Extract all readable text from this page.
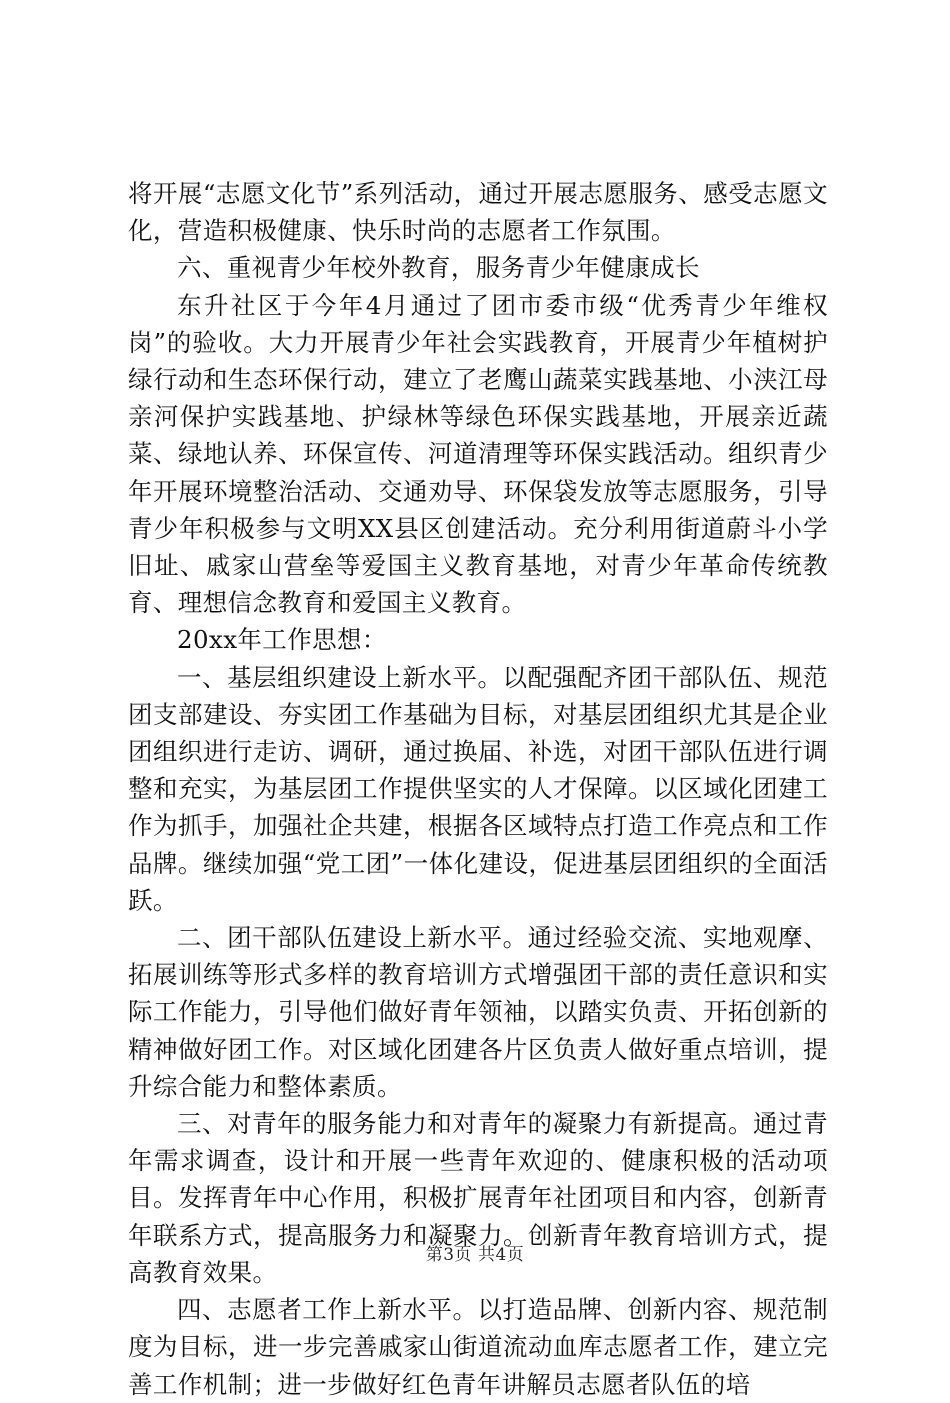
将开展“志愿文化节”系列活动，通过开展志愿服务、感受志愿文化，营造积极健康、快乐时尚的志愿者工作氛围。

六、重视青少年校外教育，服务青少年健康成长

东升社区于今年4月通过了团市委市级“优秀青少年维权岗”的验收。大力开展青少年社会实践教育，开展青少年植树护绿行动和生态环保行动，建立了老鹰山蔬菜实践基地、小浃江母亲河保护实践基地、护绿林等绿色环保实践基地，开展亲近蔬菜、绿地认养、环保宣传、河道清理等环保实践活动。组织青少年开展环境整治活动、交通劝导、环保袋发放等志愿服务，引导青少年积极参与文明XX县区创建活动。充分利用街道蔚斗小学旧址、戚家山营垒等爱国主义教育基地，对青少年革命传统教育、理想信念教育和爱国主义教育。

20xx年工作思想：

一、基层组织建设上新水平。以配强配齐团干部队伍、规范团支部建设、夯实团工作基础为目标，对基层团组织尤其是企业团组织进行走访、调研，通过换届、补选，对团干部队伍进行调整和充实，为基层团工作提供坚实的人才保障。以区域化团建工作为抓手，加强社企共建，根据各区域特点打造工作亮点和工作品牌。继续加强“党工团”一体化建设，促进基层团组织的全面活跃。

二、团干部队伍建设上新水平。通过经验交流、实地观摩、拓展训练等形式多样的教育培训方式增强团干部的责任意识和实际工作能力，引导他们做好青年领袖，以踏实负责、开拓创新的精神做好团工作。对区域化团建各片区负责人做好重点培训，提升综合能力和整体素质。

三、对青年的服务能力和对青年的凝聚力有新提高。通过青年需求调查，设计和开展一些青年欢迎的、健康积极的活动项目。发挥青年中心作用，积极扩展青年社团项目和内容，创新青年联系方式，提高服务力和凝聚力。创新青年教育培训方式，提高教育效果。

四、志愿者工作上新水平。以打造品牌、创新内容、规范制度为目标，进一步完善戚家山街道流动血库志愿者工作，建立完善工作机制；进一步做好红色青年讲解员志愿者队伍的培

第3页 共4页
